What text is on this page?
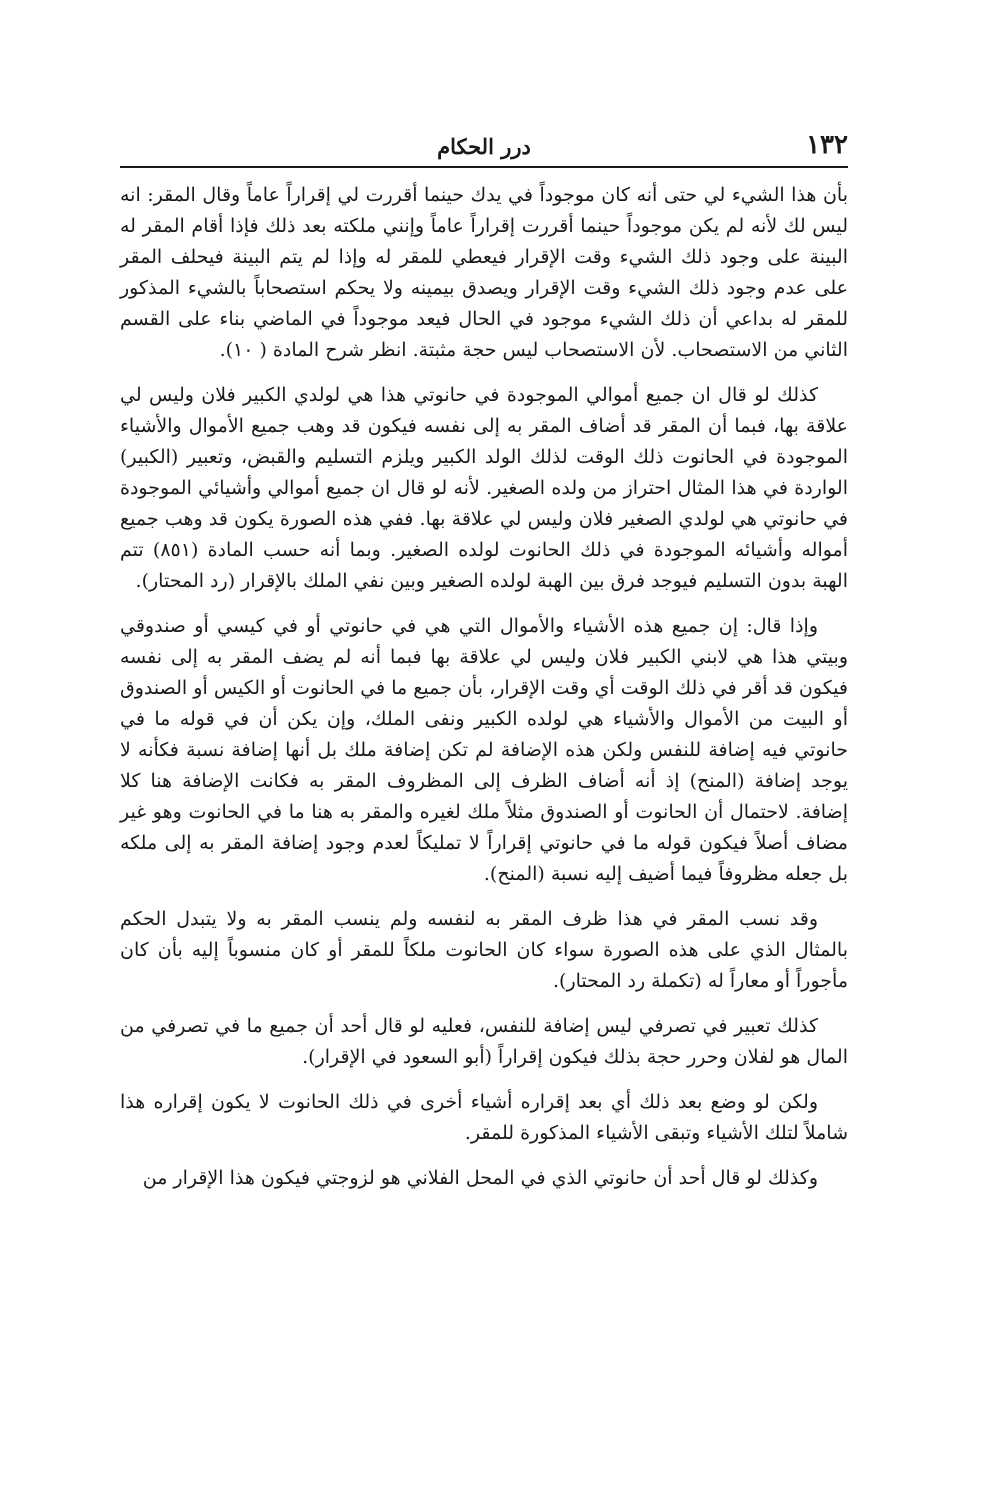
١٣٢
درر الحكام

بأن هذا الشيء لي حتى أنه كان موجوداً في يدك حينما أقررت لي إقراراً عاماً وقال المقر: انه ليس لك لأنه لم يكن موجوداً حينما أقررت إقراراً عاماً وإنني ملكته بعد ذلك فإذا أقام المقر له البينة على وجود ذلك الشيء وقت الإقرار فيعطي للمقر له وإذا لم يتم البينة فيحلف المقر على عدم وجود ذلك الشيء وقت الإقرار ويصدق بيمينه ولا يحكم استصحاباً بالشيء المذكور للمقر له بداعي أن ذلك الشيء موجود في الحال فيعد موجوداً في الماضي بناء على القسم الثاني من الاستصحاب. لأن الاستصحاب ليس حجة مثبتة. انظر شرح المادة ( ١٠).

كذلك لو قال ان جميع أموالي الموجودة في حانوتي هذا هي لولدي الكبير فلان وليس لي علاقة بها، فبما أن المقر قد أضاف المقر به إلى نفسه فيكون قد وهب جميع الأموال والأشياء الموجودة في الحانوت ذلك الوقت لذلك الولد الكبير ويلزم التسليم والقبض، وتعبير (الكبير) الواردة في هذا المثال احتراز من ولده الصغير. لأنه لو قال ان جميع أموالي وأشيائي الموجودة في حانوتي هي لولدي الصغير فلان وليس لي علاقة بها. ففي هذه الصورة يكون قد وهب جميع أمواله وأشيائه الموجودة في ذلك الحانوت لولده الصغير. وبما أنه حسب المادة (٨٥١) تتم الهبة بدون التسليم فيوجد فرق بين الهبة لولده الصغير وبين نفي الملك بالإقرار (رد المحتار).

وإذا قال: إن جميع هذه الأشياء والأموال التي هي في حانوتي أو في كيسي أو صندوقي وبيتي هذا هي لابني الكبير فلان وليس لي علاقة بها فبما أنه لم يضف المقر به إلى نفسه فيكون قد أقر في ذلك الوقت أي وقت الإقرار، بأن جميع ما في الحانوت أو الكيس أو الصندوق أو البيت من الأموال والأشياء هي لولده الكبير ونفى الملك، وإن يكن أن في قوله ما في حانوتي فيه إضافة للنفس ولكن هذه الإضافة لم تكن إضافة ملك بل أنها إضافة نسبة فكأنه لا يوجد إضافة (المنح) إذ أنه أضاف الظرف إلى المظروف المقر به فكانت الإضافة هنا كلا إضافة. لاحتمال أن الحانوت أو الصندوق مثلاً ملك لغيره والمقر به هنا ما في الحانوت وهو غير مضاف أصلاً فيكون قوله ما في حانوتي إقراراً لا تمليكاً لعدم وجود إضافة المقر به إلى ملكه بل جعله مظروفاً فيما أضيف إليه نسبة (المنح).

وقد نسب المقر في هذا ظرف المقر به لنفسه ولم ينسب المقر به ولا يتبدل الحكم بالمثال الذي على هذه الصورة سواء كان الحانوت ملكاً للمقر أو كان منسوباً إليه بأن كان مأجوراً أو معاراً له (تكملة رد المحتار).

كذلك تعبير في تصرفي ليس إضافة للنفس، فعليه لو قال أحد أن جميع ما في تصرفي من المال هو لفلان وحرر حجة بذلك فيكون إقراراً (أبو السعود في الإقرار).

ولكن لو وضع بعد ذلك أي بعد إقراره أشياء أخرى في ذلك الحانوت لا يكون إقراره هذا شاملاً لتلك الأشياء وتبقى الأشياء المذكورة للمقر.

وكذلك لو قال أحد أن حانوتي الذي في المحل الفلاني هو لزوجتي فيكون هذا الإقرار من
